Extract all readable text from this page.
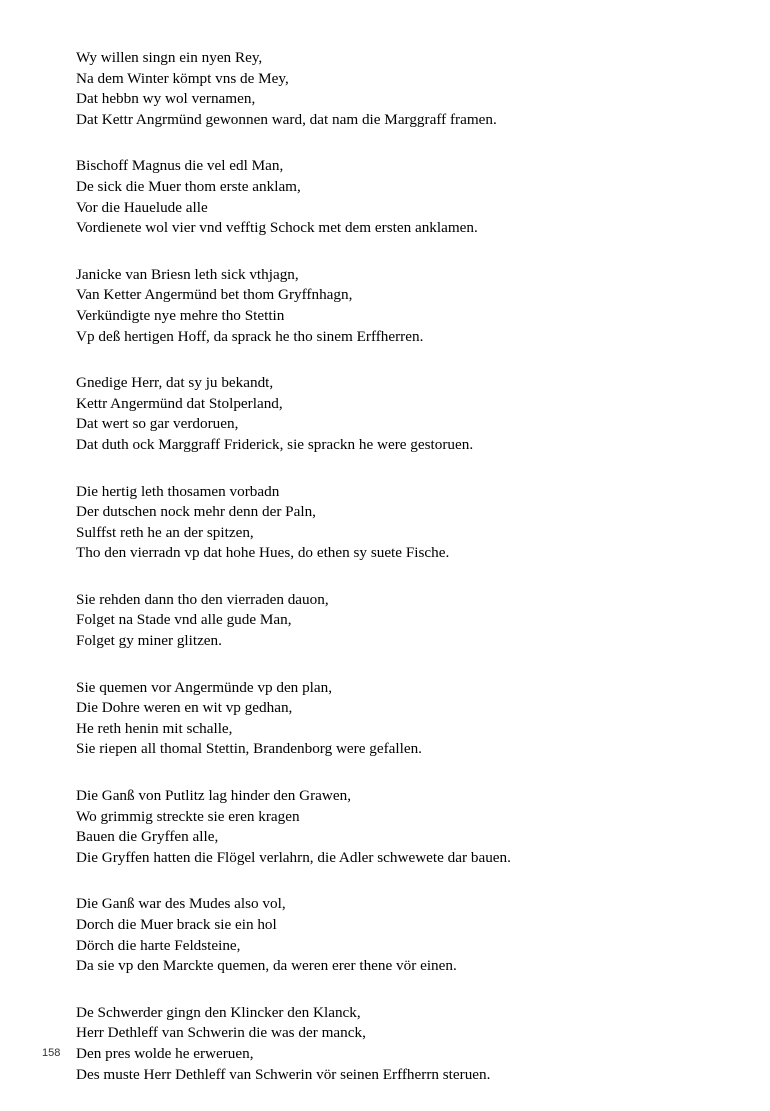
Wy willen singn ein nyen Rey,
Na dem Winter kömpt vns de Mey,
Dat hebbn wy wol vernamen,
Dat Kettr Angrmünd gewonnen ward, dat nam die Marggraff framen.
Bischoff Magnus die vel edl Man,
De sick die Muer thom erste anklam,
Vor die Hauelude alle
Vordienete wol vier vnd vefftig Schock met dem ersten anklamen.
Janicke van Briesn leth sick vthjagn,
Van Ketter Angermünd bet thom Gryffnhagn,
Verkündigte nye mehre tho Stettin
Vp deß hertigen Hoff, da sprack he tho sinem Erffherren.
Gnedige Herr, dat sy ju bekandt,
Kettr Angermünd dat Stolperland,
Dat wert so gar verdoruen,
Dat duth ock Marggraff Friderick, sie sprackn he were gestoruen.
Die hertig leth thosamen vorbadn
Der dutschen nock mehr denn der Paln,
Sulffst reth he an der spitzen,
Tho den vierradn vp dat hohe Hues, do ethen sy suete Fische.
Sie rehden dann tho den vierraden dauon,
Folget na Stade vnd alle gude Man,
Folget gy miner glitzen.
Sie quemen vor Angermünde vp den plan,
Die Dohre weren en wit vp gedhan,
He reth henin mit schalle,
Sie riepen all thomal Stettin, Brandenborg were gefallen.
Die Ganß von Putlitz lag hinder den Grawen,
Wo grimmig streckte sie eren kragen
Bauen die Gryffen alle,
Die Gryffen hatten die Flögel verlahrn, die Adler schwewete dar bauen.
Die Ganß war des Mudes also vol,
Dorch die Muer brack sie ein hol
Dörch die harte Feldsteine,
Da sie vp den Marckte quemen, da weren erer thene vör einen.
De Schwerder gingn den Klincker den Klanck,
Herr Dethleff van Schwerin die was der manck,
Den pres wolde he erweruen,
Des muste Herr Dethleff van Schwerin vör seinen Erffherrn steruen.
158
